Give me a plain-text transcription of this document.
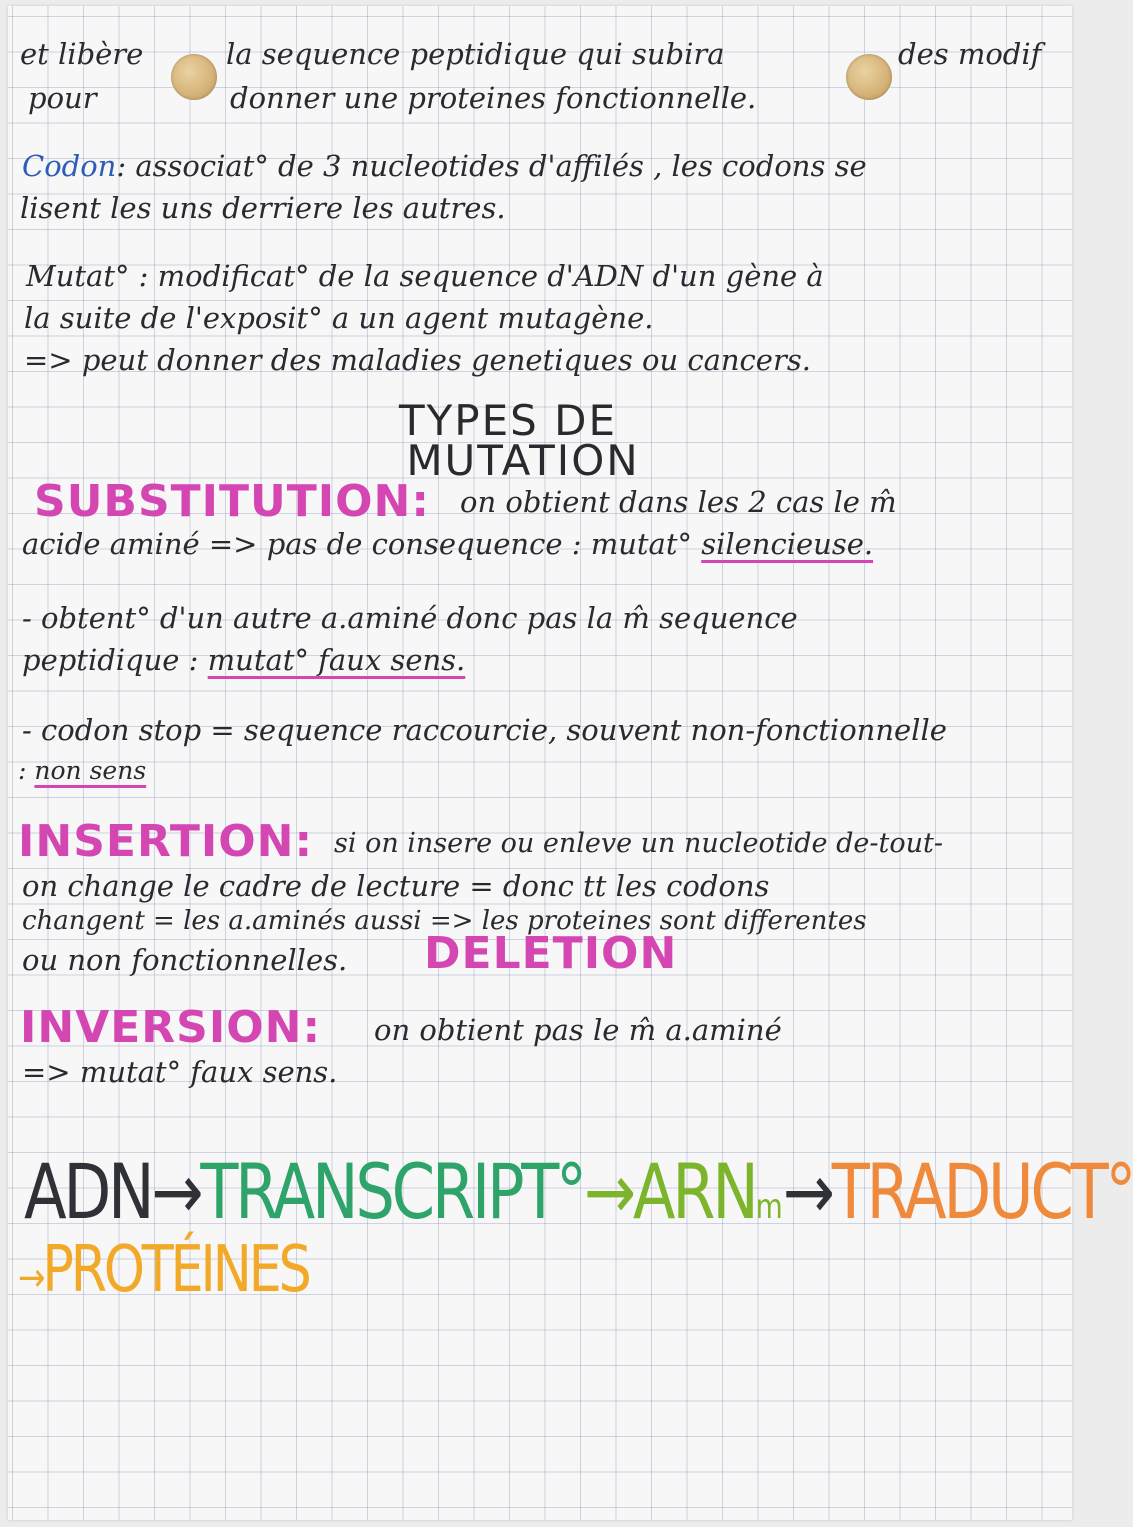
et libère	la sequence peptidique qui subira	des modif
pour	donner une proteines fonctionnelle.
Codon: associat° de 3 nucleotides d'affilés , les codons se
lisent les uns derriere les autres.
Mutat° : modificat° de la sequence d'ADN d'un gène à
la suite de l'exposit° a un agent mutagène.
=> peut donner des maladies genetiques ou cancers.
TYPES DE
MUTATION
SUBSTITUTION: on obtient dans les 2 cas le m̂
acide aminé => pas de consequence : mutat° silencieuse.
- obtent° d'un autre a.aminé donc pas la m̂ sequence
peptidique : mutat° faux sens.
- codon stop = sequence raccourcie, souvent non-fonctionnelle
: non sens
INSERTION: si on insere ou enleve un nucleotide de-tout-
on change le cadre de lecture = donc tt les codons
changent = les a.aminés aussi => les proteines sont differentes
ou non fonctionnelles. DELETION
INVERSION: on obtient pas le m̂ a.aminé
=> mutat° faux sens.
ADN→TRANSCRIPT°→ARNm→TRADUCT°
→PROTÉINES
